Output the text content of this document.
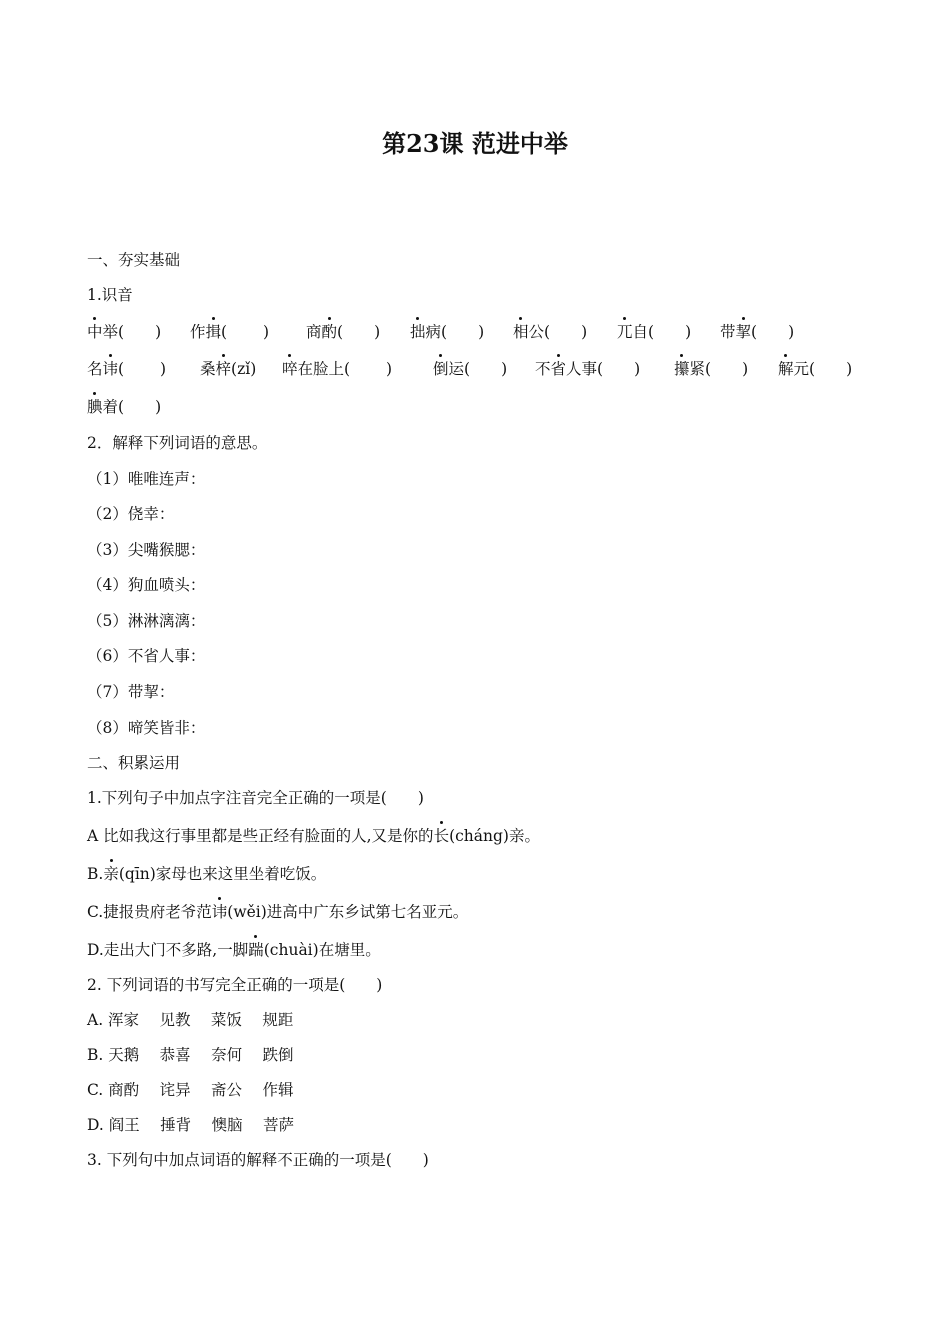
第23课 范进中举
一、夯实基础
1.识音
中举(　　)	作揖(　　 )	商酌(　　)	拙病(　　)	相公(　　)	兀自(　　)	带挈(　　)
名讳(　　 )	桑梓(zǐ)	啐在脸上(　　 )	倒运(　　)	不省人事(　　)	攥紧(　　)	解元(　　)
腆着(　　)
2．解释下列词语的意思。
（1）唯唯连声：
（2）侥幸：
（3）尖嘴猴腮：
（4）狗血喷头：
（5）淋淋漓漓：
（6）不省人事：
（7）带挈：
（8）啼笑皆非：
二、积累运用
1.下列句子中加点字注音完全正确的一项是(　　)
A 比如我这行事里都是些正经有脸面的人,又是你的长(cháng)亲。
B.亲(qīn)家母也来这里坐着吃饭。
C.捷报贵府老爷范讳(wěi)进高中广东乡试第七名亚元。
D.走出大门不多路,一脚踹(chuài)在塘里。
2. 下列词语的书写完全正确的一项是(　　)
A. 浑家　 见教　 菜饭　 规距
B. 天鹅　 恭喜　 奈何　 跌倒
C. 商酌　 诧异　 斋公　 作辑
D. 阎王　 捶背　 懊脑　 菩萨
3. 下列句中加点词语的解释不正确的一项是(　　)
